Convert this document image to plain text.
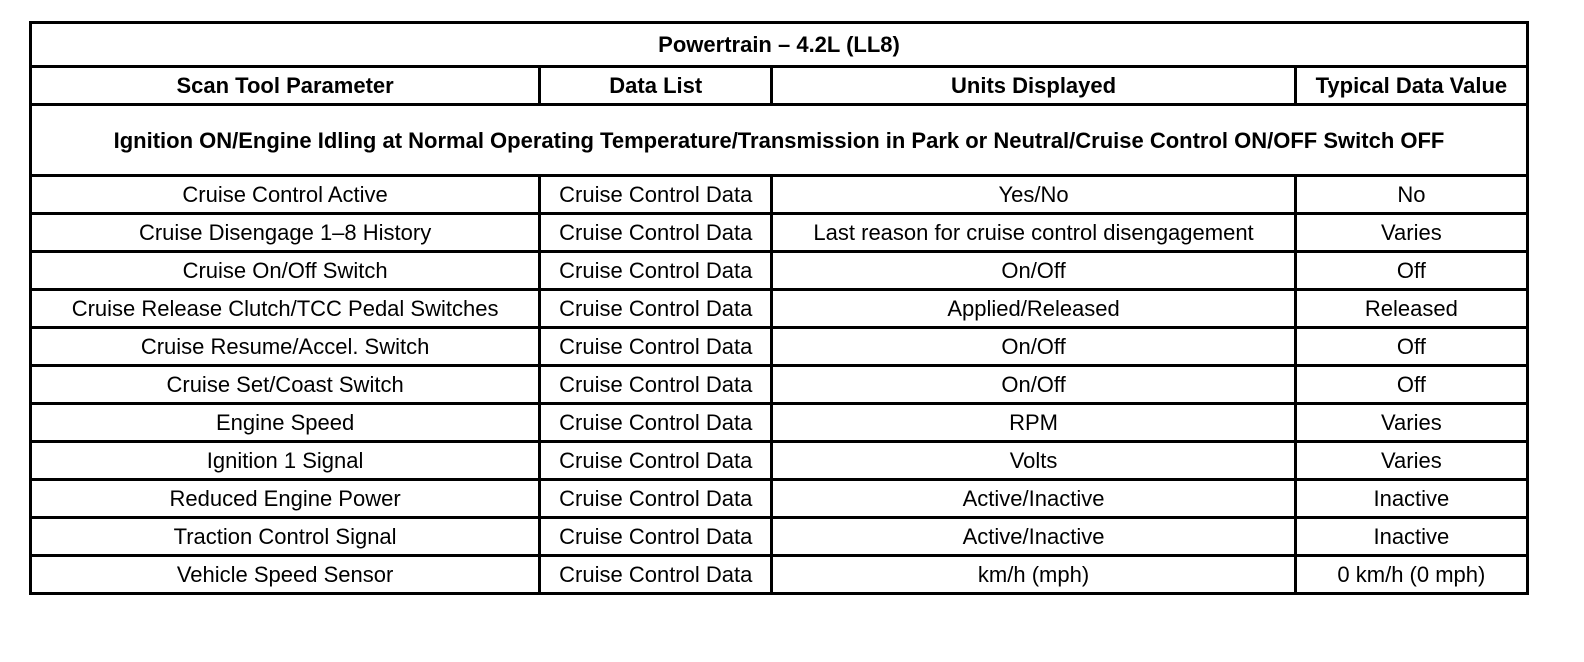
Powertrain – 4.2L (LL8)			
Scan Tool Parameter	Data List	Units Displayed	Typical Data Value
Ignition ON/Engine Idling at Normal Operating Temperature/Transmission in Park or Neutral/Cruise Control ON/OFF Switch OFF			
Cruise Control Active	Cruise Control Data	Yes/No	No
Cruise Disengage 1–8 History	Cruise Control Data	Last reason for cruise control disengagement	Varies
Cruise On/Off Switch	Cruise Control Data	On/Off	Off
Cruise Release Clutch/TCC Pedal Switches	Cruise Control Data	Applied/Released	Released
Cruise Resume/Accel. Switch	Cruise Control Data	On/Off	Off
Cruise Set/Coast Switch	Cruise Control Data	On/Off	Off
Engine Speed	Cruise Control Data	RPM	Varies
Ignition 1 Signal	Cruise Control Data	Volts	Varies
Reduced Engine Power	Cruise Control Data	Active/Inactive	Inactive
Traction Control Signal	Cruise Control Data	Active/Inactive	Inactive
Vehicle Speed Sensor	Cruise Control Data	km/h (mph)	0 km/h (0 mph)
